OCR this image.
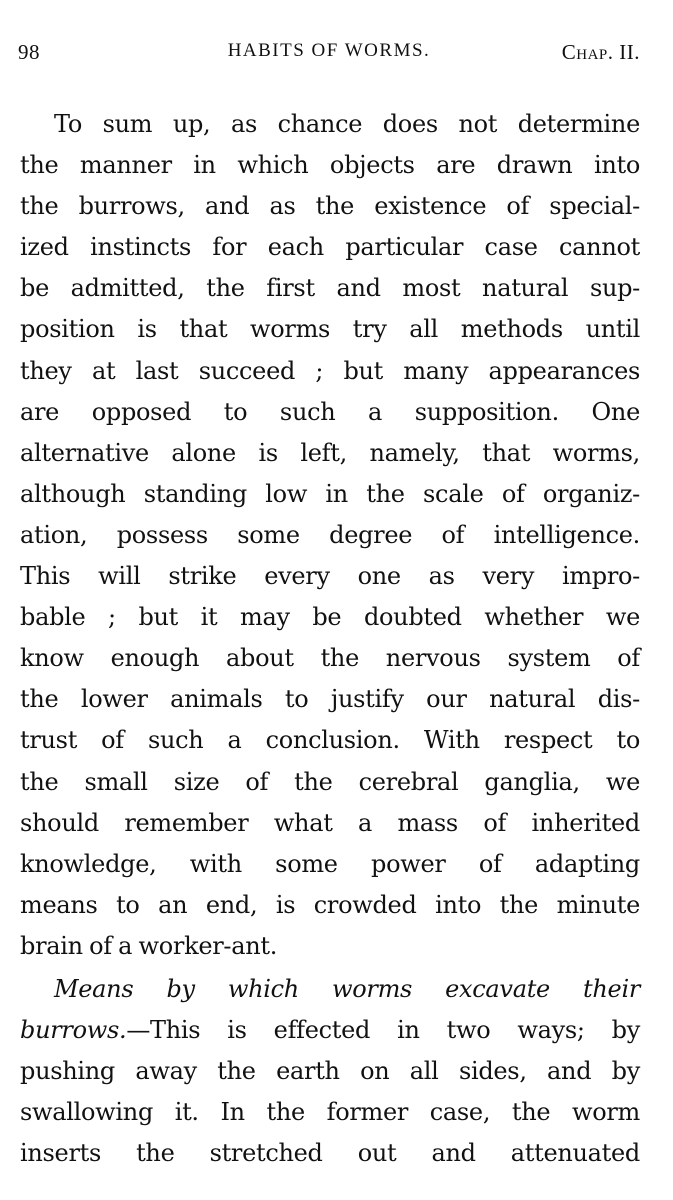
98	HABITS OF WORMS.	Chap. II.
To sum up, as chance does not determine
the manner in which objects are drawn into
the burrows, and as the existence of special-
ized instincts for each particular case cannot
be admitted, the first and most natural sup-
position is that worms try all methods until
they at last succeed ; but many appearances
are opposed to such a supposition. One
alternative alone is left, namely, that worms,
although standing low in the scale of organiz-
ation, possess some degree of intelligence.
This will strike every one as very impro-
bable ; but it may be doubted whether we
know enough about the nervous system of
the lower animals to justify our natural dis-
trust of such a conclusion. With respect to
the small size of the cerebral ganglia, we
should remember what a mass of inherited
knowledge, with some power of adapting
means to an end, is crowded into the minute
brain of a worker-ant.
Means by which worms excavate their
burrows.—This is effected in two ways; by
pushing away the earth on all sides, and by
swallowing it. In the former case, the worm
inserts the stretched out and attenuated
